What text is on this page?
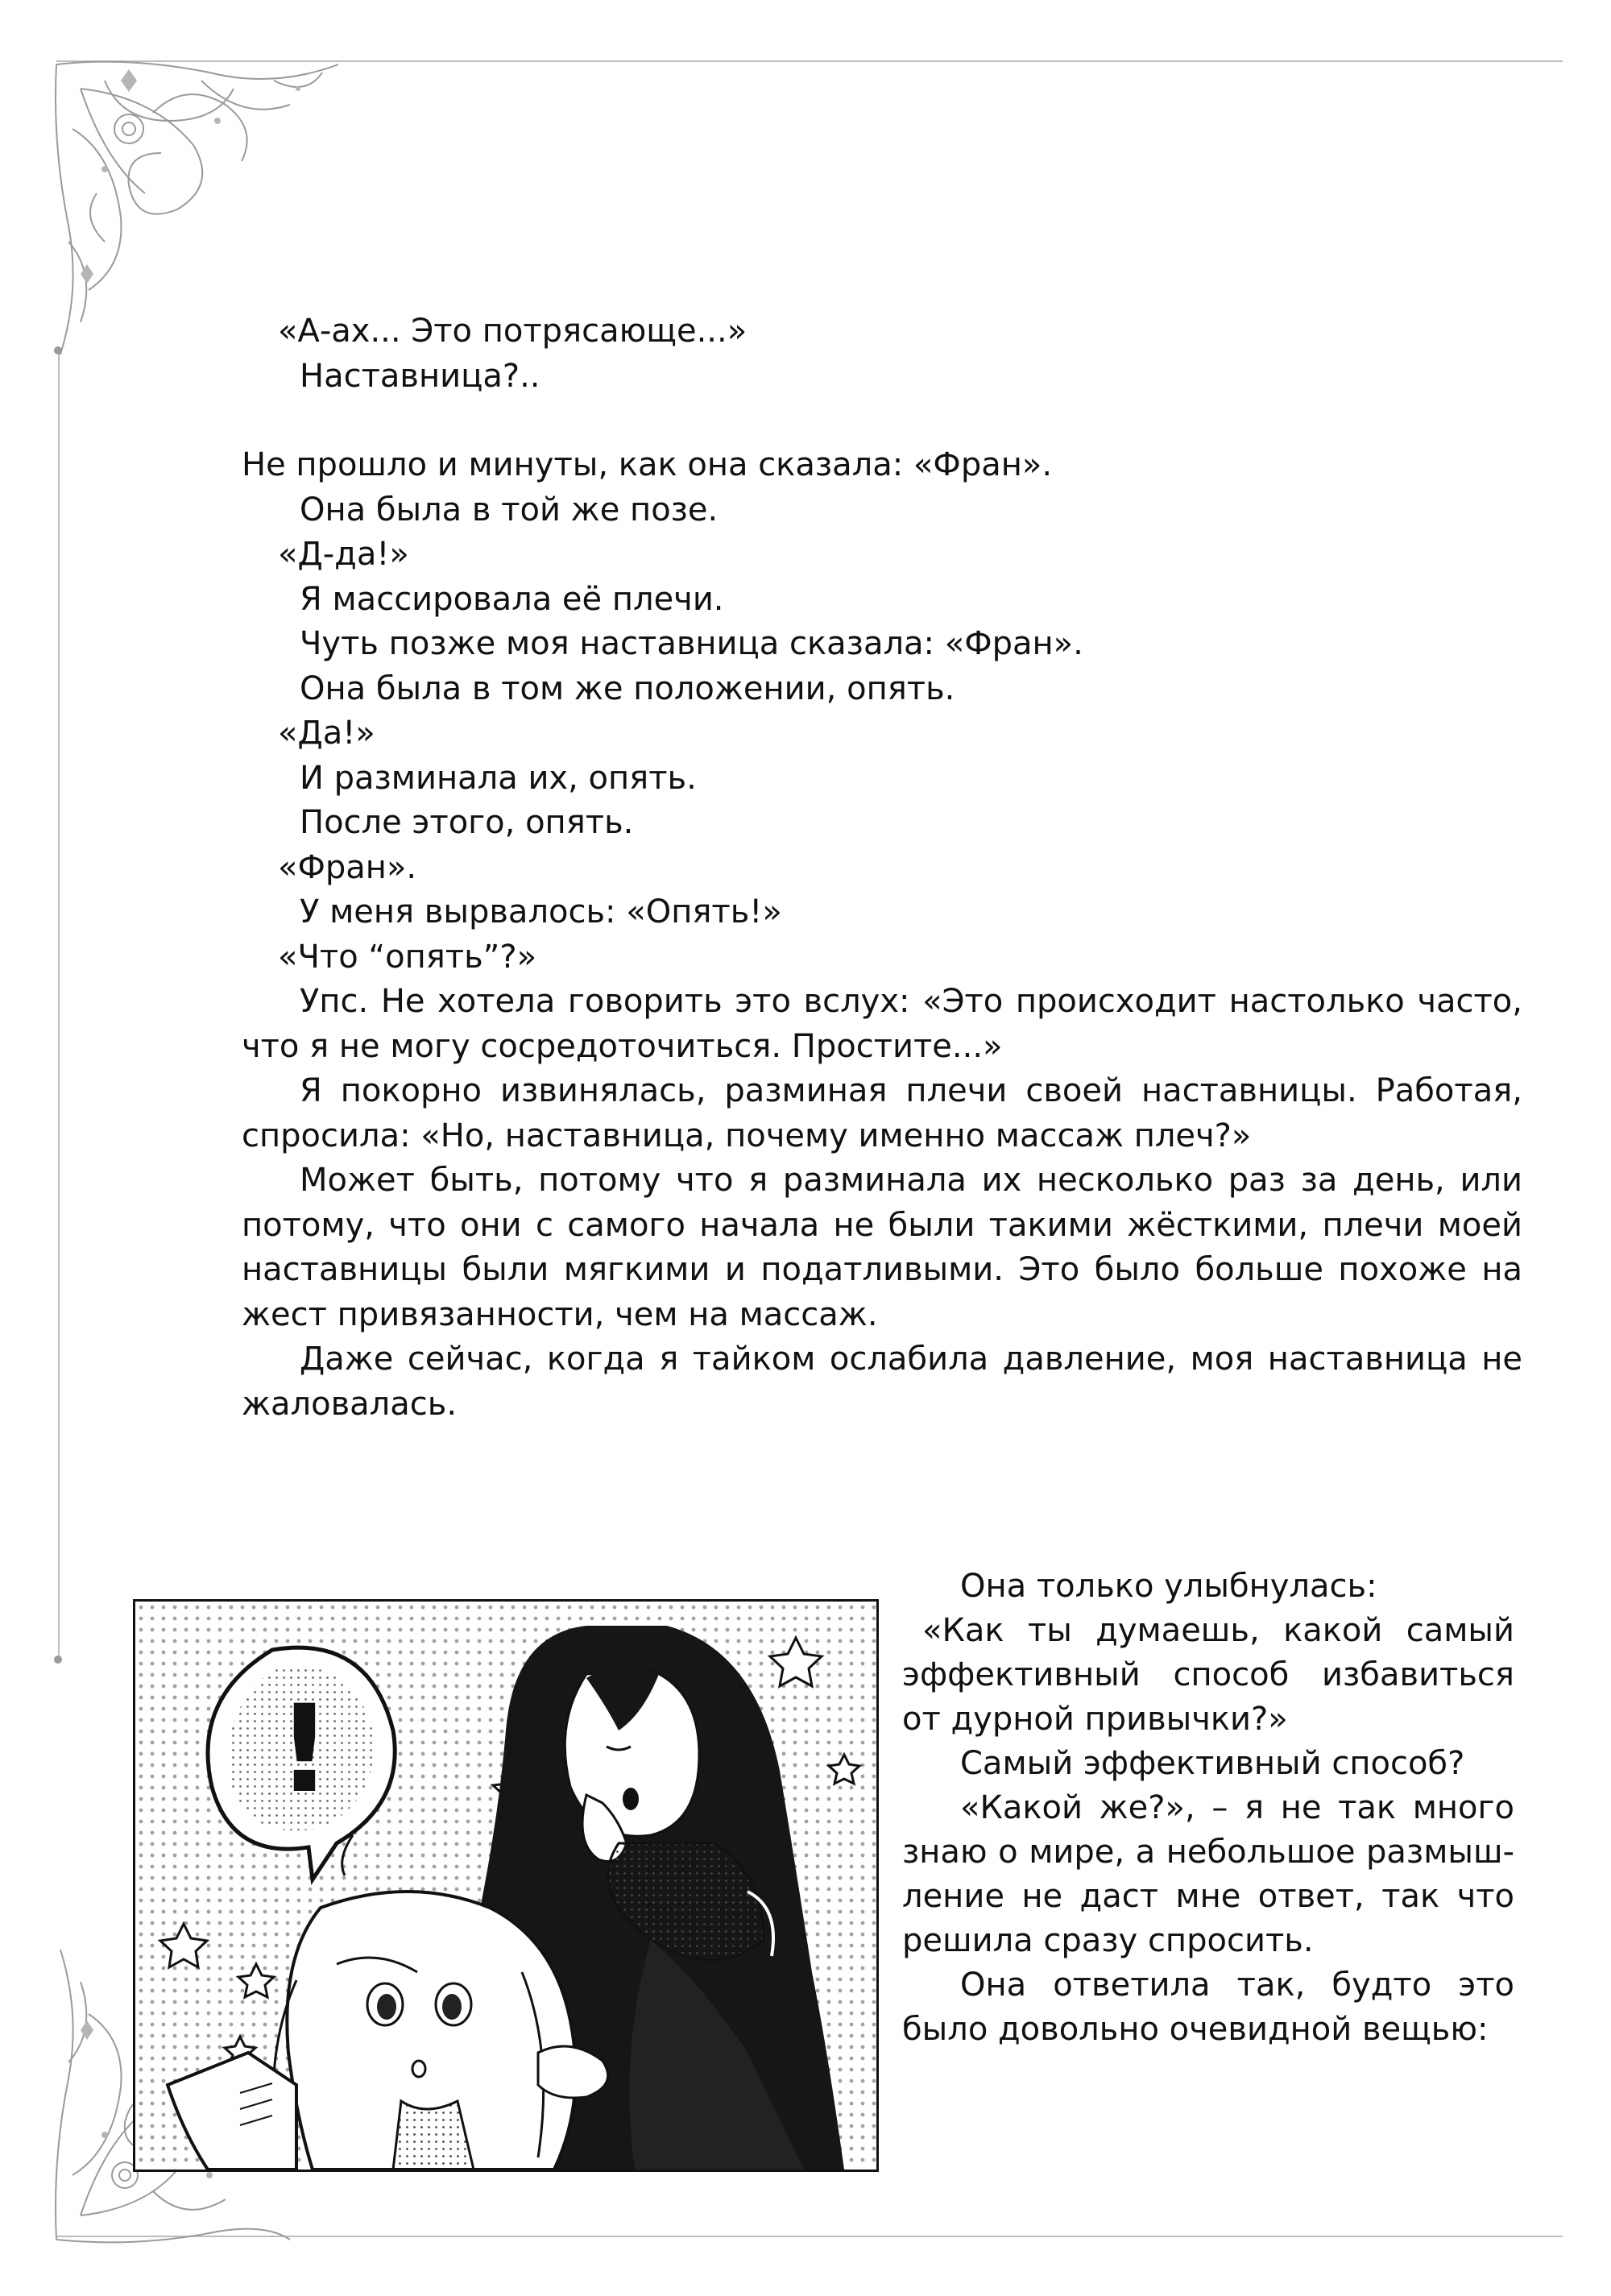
«А-ах... Это потрясающе...»

Наставница?..

Не прошло и минуты, как она сказала: «Фран».

Она была в той же позе.

«Д-да!»

Я массировала её плечи.

Чуть позже моя наставница сказала: «Фран».

Она была в том же положении, опять.

«Да!»

И разминала их, опять.

После этого, опять.

«Фран».

У меня вырвалось: «Опять!»

«Что “опять”?»

Упс. Не хотела говорить это вслух: «Это происходит настолько часто, что я не могу сосредоточиться. Простите...»

Я покорно извинялась, разминая плечи своей наставницы. Работая, спросила: «Но, наставница, почему именно массаж плеч?»

Может быть, потому что я разминала их несколько раз за день, или потому, что они с самого начала не были такими жёсткими, плечи моей наставницы были мягкими и податливыми. Это было больше похоже на жест привязанности, чем на массаж.

Даже сейчас, когда я тайком ослабила давление, моя наставница не жаловалась.

Она только улыбнулась:

«Как ты думаешь, какой самый эффективный способ избавиться от дурной привычки?»

Самый эффективный способ?

«Какой же?», – я не так много знаю о мире, а небольшое размышление не даст мне ответ, так что решила сразу спросить.

Она ответила так, будто это было довольно очевидной вещью:

!
